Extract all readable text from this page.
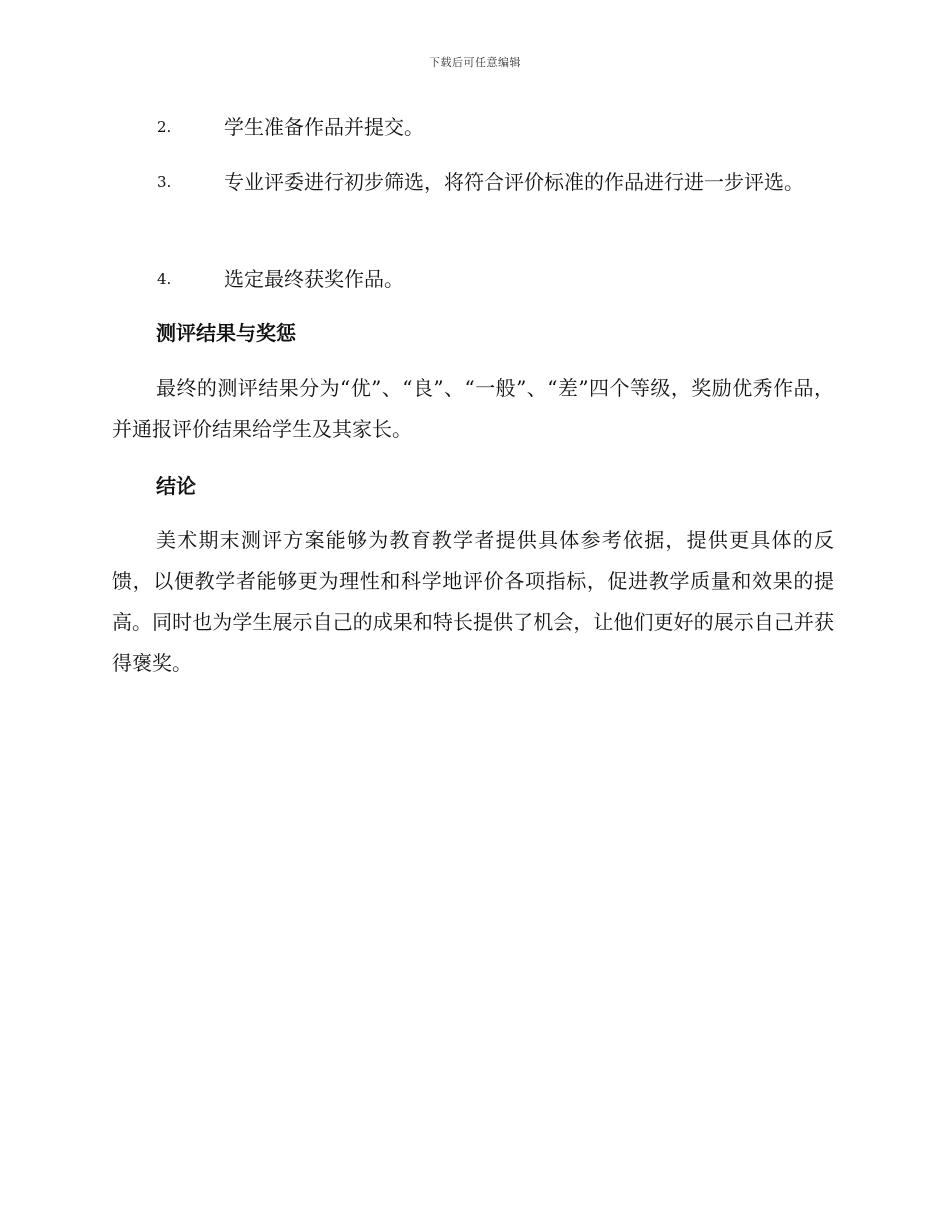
下载后可任意编辑
2.	学生准备作品并提交。
3.	专业评委进行初步筛选，将符合评价标准的作品进行进一步评选。
4.	选定最终获奖作品。
测评结果与奖惩
最终的测评结果分为“优”、“良”、“一般”、“差”四个等级，奖励优秀作品，并通报评价结果给学生及其家长。
结论
美术期末测评方案能够为教育教学者提供具体参考依据，提供更具体的反馈，以便教学者能够更为理性和科学地评价各项指标，促进教学质量和效果的提高。同时也为学生展示自己的成果和特长提供了机会，让他们更好的展示自己并获得褒奖。
